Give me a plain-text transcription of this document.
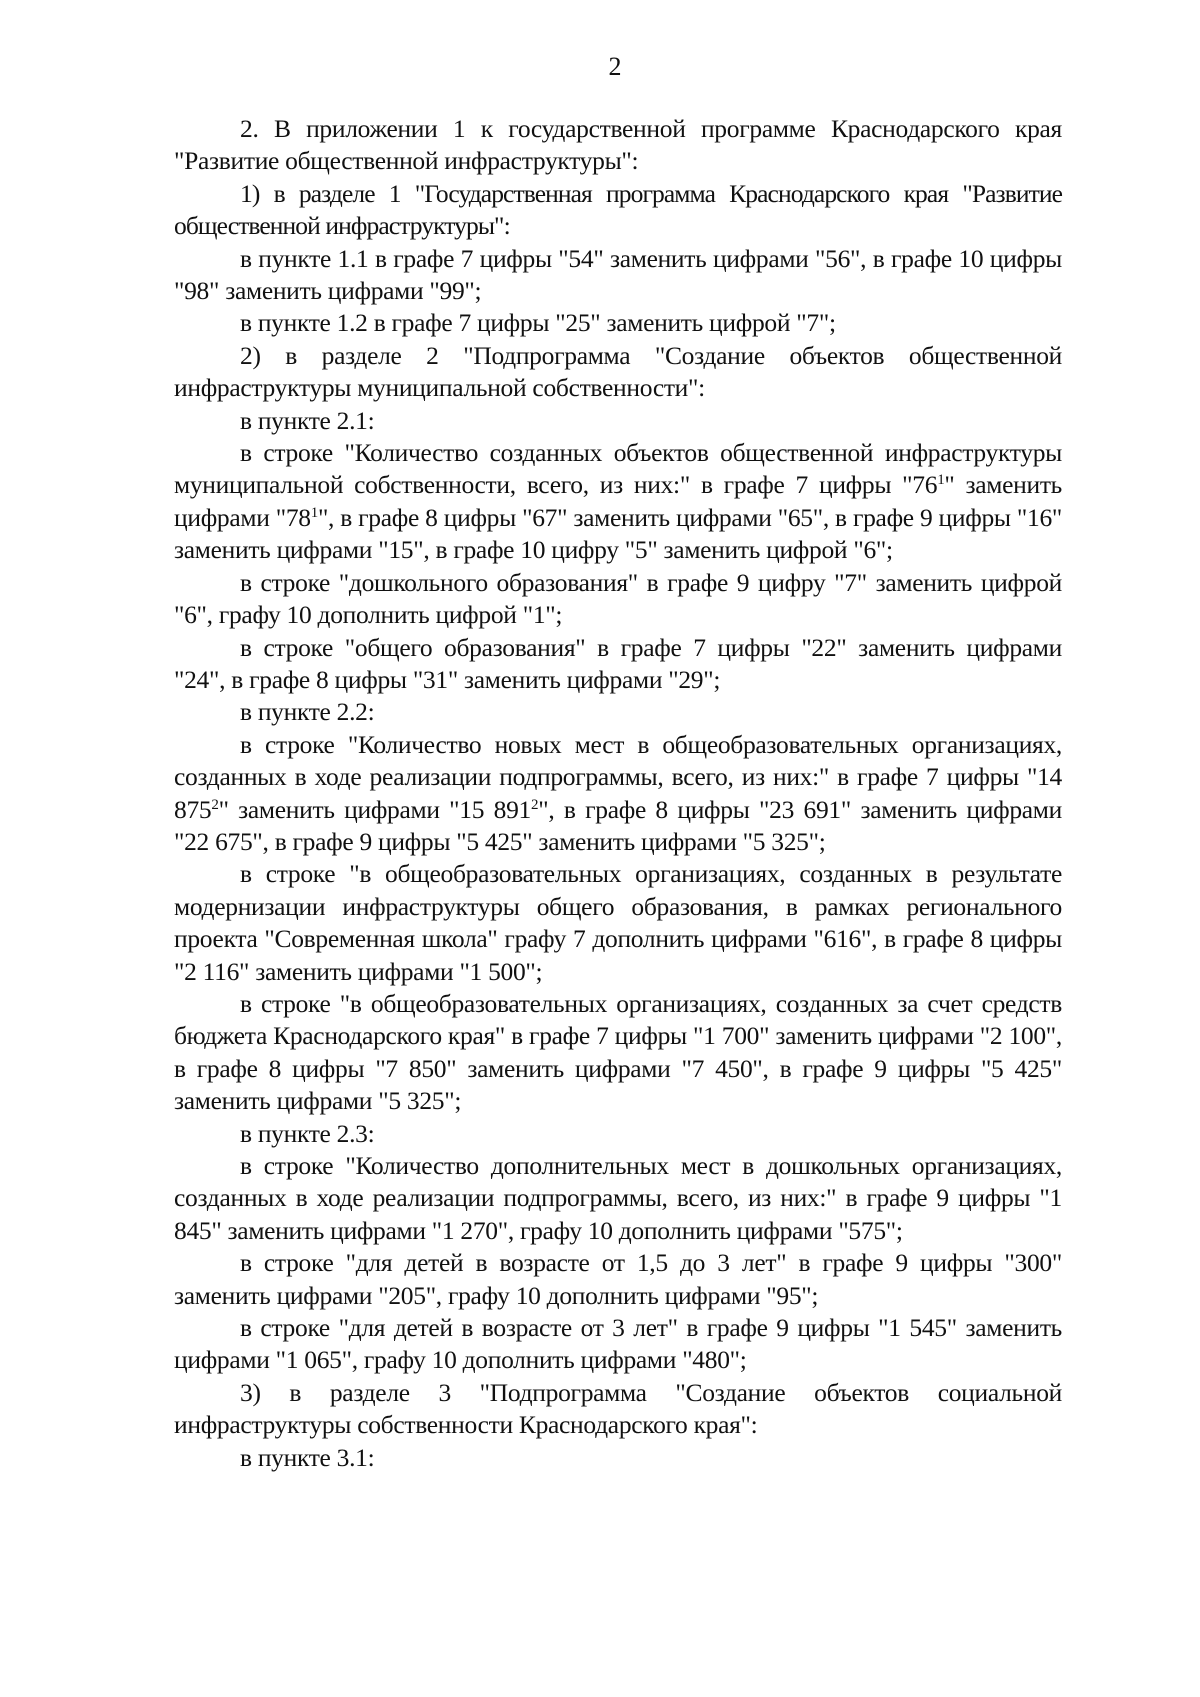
2

2. В приложении 1 к государственной программе Краснодарского края "Развитие общественной инфраструктуры":

1) в разделе 1 "Государственная программа Краснодарского края "Развитие общественной инфраструктуры":

в пункте 1.1 в графе 7 цифры "54" заменить цифрами "56", в графе 10 цифры "98" заменить цифрами "99";

в пункте 1.2 в графе 7 цифры "25" заменить цифрой "7";

2) в разделе 2 "Подпрограмма "Создание объектов общественной инфраструктуры муниципальной собственности":

в пункте 2.1:

в строке "Количество созданных объектов общественной инфраструктуры муниципальной собственности, всего, из них:" в графе 7 цифры "$76^1$" заменить цифрами "$78^1$", в графе 8 цифры "67" заменить цифрами "65", в графе 9 цифры "16" заменить цифрами "15", в графе 10 цифру "5" заменить цифрой "6";

в строке "дошкольного образования" в графе 9 цифру "7" заменить цифрой "6", графу 10 дополнить цифрой "1";

в строке "общего образования" в графе 7 цифры "22" заменить цифрами "24", в графе 8 цифры "31" заменить цифрами "29";

в пункте 2.2:

в строке "Количество новых мест в общеобразовательных организациях, созданных в ходе реализации подпрограммы, всего, из них:" в графе 7 цифры "14 $875^2$" заменить цифрами "15 $891^2$", в графе 8 цифры "23 691" заменить цифрами "22 675", в графе 9 цифры "5 425" заменить цифрами "5 325";

в строке "в общеобразовательных организациях, созданных в результате модернизации инфраструктуры общего образования, в рамках регионального проекта "Современная школа" графу 7 дополнить цифрами "616", в графе 8 цифры "2 116" заменить цифрами "1 500";

в строке "в общеобразовательных организациях, созданных за счет средств бюджета Краснодарского края" в графе 7 цифры "1 700" заменить цифрами "2 100", в графе 8 цифры "7 850" заменить цифрами "7 450", в графе 9 цифры "5 425" заменить цифрами "5 325";

в пункте 2.3:

в строке "Количество дополнительных мест в дошкольных организациях, созданных в ходе реализации подпрограммы, всего, из них:" в графе 9 цифры "1 845" заменить цифрами "1 270", графу 10 дополнить цифрами "575";

в строке "для детей в возрасте от 1,5 до 3 лет" в графе 9 цифры "300" заменить цифрами "205", графу 10 дополнить цифрами "95";

в строке "для детей в возрасте от 3 лет" в графе 9 цифры "1 545" заменить цифрами "1 065", графу 10 дополнить цифрами "480";

3) в разделе 3 "Подпрограмма "Создание объектов социальной инфраструктуры собственности Краснодарского края":

в пункте 3.1:
